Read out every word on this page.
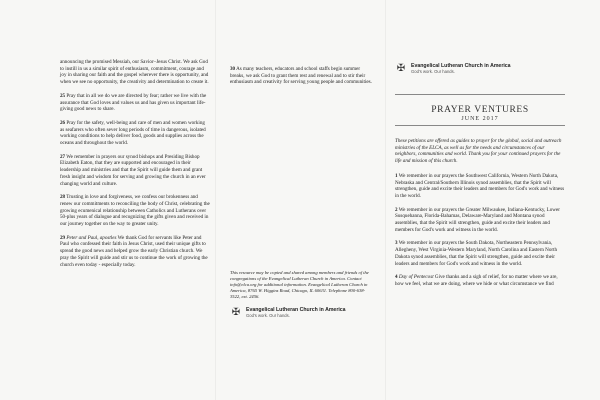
announcing the promised Messiah, our Savior–Jesus Christ. We ask God to instill in us a similar spirit of enthusiasm, commitment, courage and joy in sharing our faith and the gospel wherever there is opportunity, and when we see no opportunity, the creativity and determination to create it.

25 Pray that in all we do we are directed by fear; rather we live with the assurance that God loves and values us and has given us important life-giving good news to share.

26 Pray for the safety, well-being and care of men and women working as seafarers who often sever long periods of time in dangerous, isolated working conditions to help deliver food, goods and supplies across the oceans and throughout the world.

27 We remember in prayers our synod bishops and Presiding Bishop Elizabeth Eaton, that they are supported and encouraged in their leadership and ministries and that the Spirit will guide them and grant fresh insight and wisdom for serving and growing the church in an ever changing world and culture.

28 Trusting in love and forgiveness, we confess our brokenness and renew our commitments to reconciling the body of Christ, celebrating the growing ecumenical relationship between Catholics and Lutherans over 50-plus years of dialogue and recognizing the gifts given and received in our journey together on the way to greater unity.

29 Peter and Paul, apostles We thank God for servants like Peter and Paul who confessed their faith in Jesus Christ, used their unique gifts to spread the good news and helped grow the early Christian church. We pray the Spirit will guide and stir us to continue the work of growing the church even today - especially today.

30 As many teachers, educators and school staffs begin summer breaks, we ask God to grant them rest and renewal and to stir their enthusiasm and creativity for serving young people and communities.

This resource may be copied and shared among members and friends of the congregations of the Evangelical Lutheran Church in America. Contact info@elca.org for additional information. Evangelical Lutheran Church in America, 8765 W. Higgins Road, Chicago, IL 60631. Telephone 800-638-3522, ext. 2456.
✠	Evangelical Lutheran Church in America
God's work. Our hands.
✠	Evangelical Lutheran Church in America
God's work. Our hands.
PRAYER VENTURES
JUNE 2017

These petitions are offered as guides to prayer for the global, social and outreach ministries of the ELCA, as well as for the needs and circumstances of our neighbors, communities and world. Thank you for your continued prayers for the life and mission of this church.

1 We remember in our prayers the Southwest California, Western North Dakota, Nebraska and Central/Southern Illinois synod assemblies, that the Spirit will strengthen, guide and excite their leaders and members for God's work and witness in the world.

2 We remember in our prayers the Greater Milwaukee, Indiana-Kentucky, Lower Susquehanna, Florida-Bahamas, Delaware-Maryland and Montana synod assemblies, that the Spirit will strengthen, guide and excite their leaders and members for God's work and witness in the world.

3 We remember in our prayers the South Dakota, Northeastern Pennsylvania, Allegheny, West Virginia-Western Maryland, North Carolina and Eastern North Dakota synod assemblies, that the Spirit will strengthen, guide and excite their leaders and members for God's work and witness in the world.

4 Day of Pentecost Give thanks and a sigh of relief, for no matter where we are, how we feel, what we are doing, where we hide or what circumstance we find
